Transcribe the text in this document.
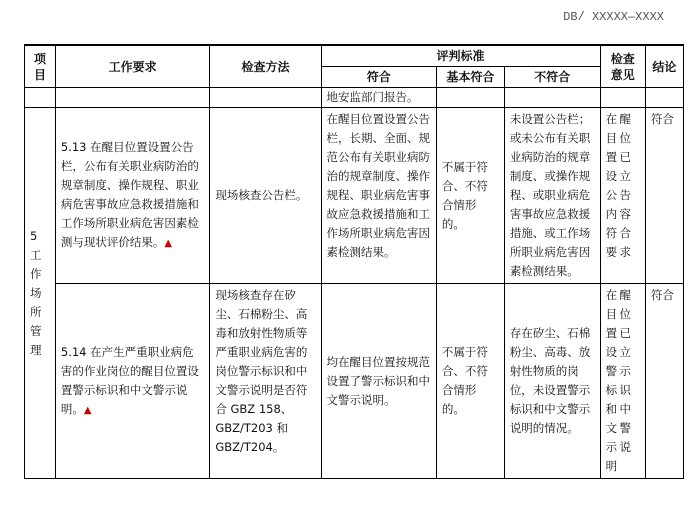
DB/ XXXXX—XXXX
项目	工作要求	检查方法	评判标准			检查意见	结论
			符合	基本符合	不符合		
			地安监部门报告。				
5 工作场所管理	5.13 在醒目位置设置公告栏，公布有关职业病防治的规章制度、操作规程、职业病危害事故应急救援措施和工作场所职业病危害因素检测与现状评价结果。▲	现场核查公告栏。	在醒目位置设置公告栏，长期、全面、规范公布有关职业病防治的规章制度、操作规程、职业病危害事故应急救援措施和工作场所职业病危害因素检测结果。	不属于符合、不符合情形的。	未设置公告栏；或未公布有关职业病防治的规章制度、或操作规程、或职业病危害事故应急救援措施、或工作场所职业病危害因素检测结果。	在醒目位置已设立公告内容符合要求	符合
	5.14 在产生严重职业病危害的作业岗位的醒目位置设置警示标识和中文警示说明。▲	现场核查存在矽尘、石棉粉尘、高毒和放射性物质等严重职业病危害的岗位警示标识和中文警示说明是否符合 GBZ 158、GBZ/T203 和 GBZ/T204。	均在醒目位置按规范设置了警示标识和中文警示说明。	不属于符合、不符合情形的。	存在矽尘、石棉粉尘、高毒、放射性物质的岗位，未设置警示标识和中文警示说明的情况。	在醒目位置已设立警示标识和中文警示说明	符合
